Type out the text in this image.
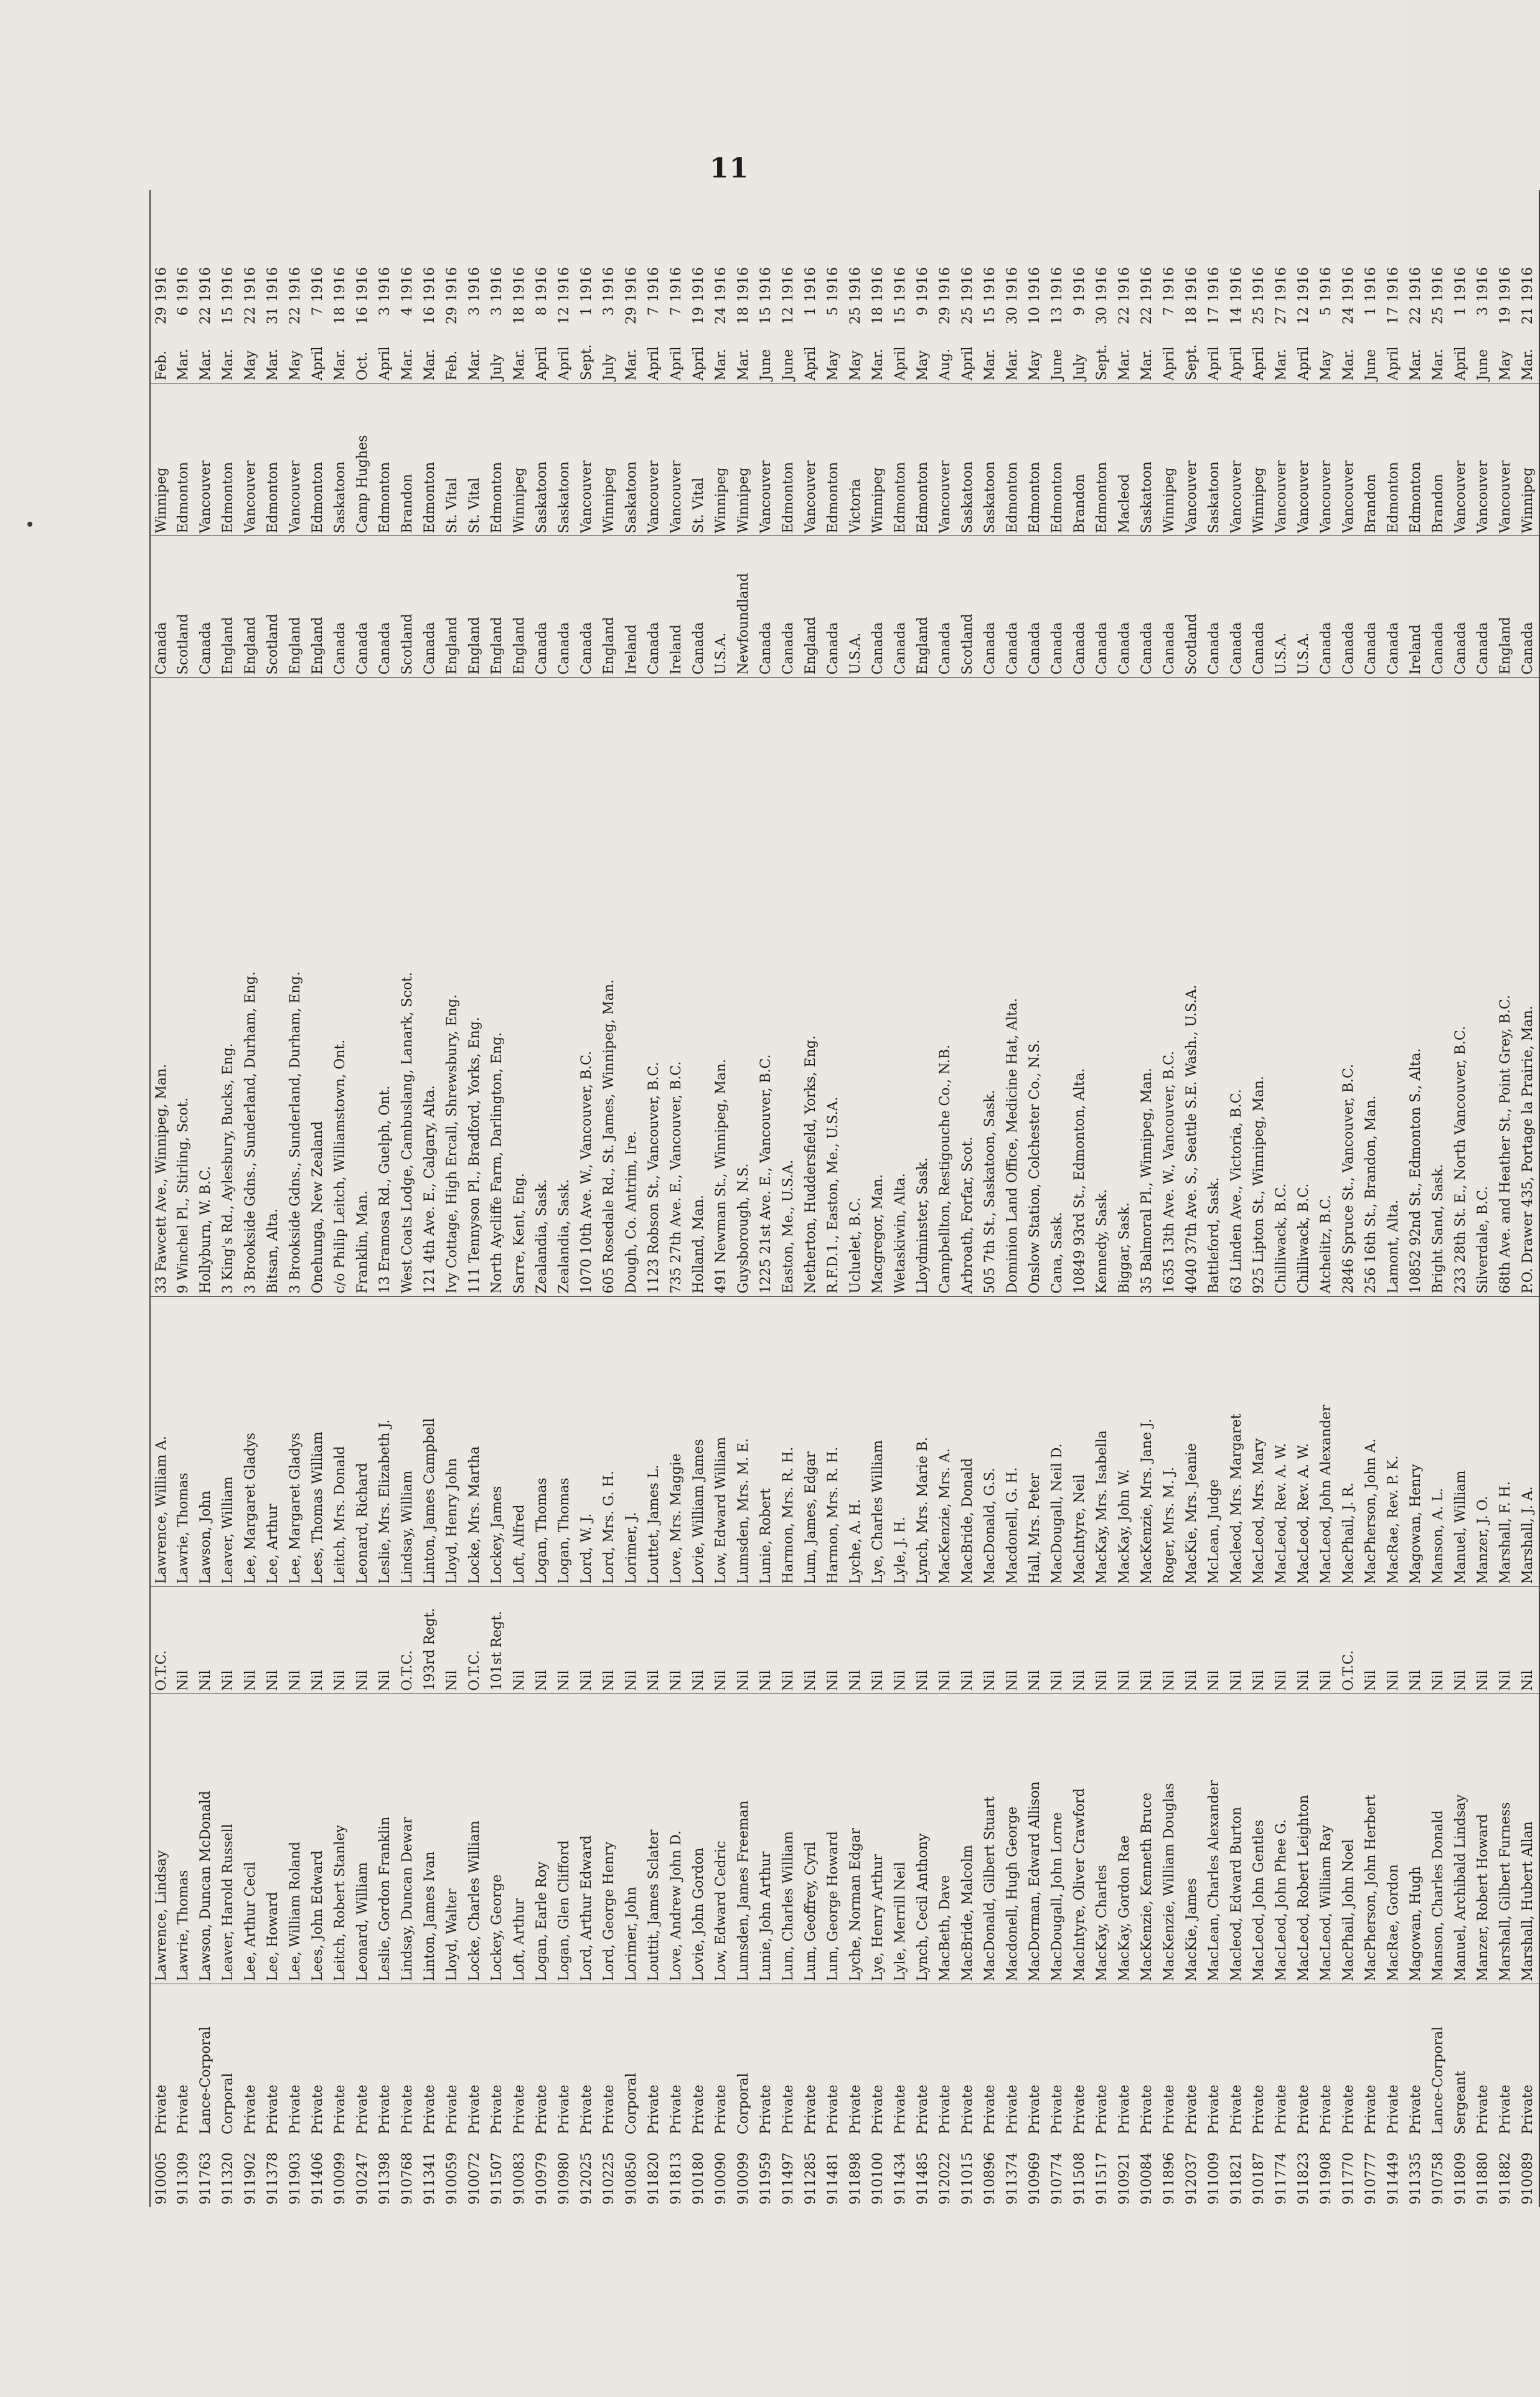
11
910005	Private	Lawrence, Lindsay	O.T.C.	Lawrence, William A.	33 Fawcett Ave., Winnipeg, Man.	Canada	Winnipeg	Feb.291916
911309	Private	Lawrie, Thomas	Nil	Lawrie, Thomas	9 Winchel Pl., Stirling, Scot.	Scotland	Edmonton	Mar.61916
911763	Lance-Corporal	Lawson, Duncan McDonald	Nil	Lawson, John	Hollyburn, W. B.C.	Canada	Vancouver	Mar.221916
911320	Corporal	Leaver, Harold Russell	Nil	Leaver, William	3 King's Rd., Aylesbury, Bucks, Eng.	England	Edmonton	Mar.151916
911902	Private	Lee, Arthur Cecil	Nil	Lee, Margaret Gladys	3 Brookside Gdns., Sunderland, Durham, Eng.	England	Vancouver	May221916
911378	Private	Lee, Howard	Nil	Lee, Arthur	Bitsan, Alta.	Scotland	Edmonton	Mar.311916
911903	Private	Lee, William Roland	Nil	Lee, Margaret Gladys	3 Brookside Gdns., Sunderland, Durham, Eng.	England	Vancouver	May221916
911406	Private	Lees, John Edward	Nil	Lees, Thomas William	Onehunga, New Zealand	England	Edmonton	April71916
910099	Private	Leitch, Robert Stanley	Nil	Leitch, Mrs. Donald	c/o Philip Leitch, Williamstown, Ont.	Canada	Saskatoon	Mar.181916
910247	Private	Leonard, William	Nil	Leonard, Richard	Franklin, Man.	Canada	Camp Hughes	Oct.161916
911398	Private	Leslie, Gordon Franklin	Nil	Leslie, Mrs. Elizabeth J.	13 Eramosa Rd., Guelph, Ont.	Canada	Edmonton	April31916
910768	Private	Lindsay, Duncan Dewar	O.T.C.	Lindsay, William	West Coats Lodge, Cambuslang, Lanark, Scot.	Scotland	Brandon	Mar.41916
911341	Private	Linton, James Ivan	193rd Regt.	Linton, James Campbell	121 4th Ave. E., Calgary, Alta.	Canada	Edmonton	Mar.161916
910059	Private	Lloyd, Walter	Nil	Lloyd, Henry John	Ivy Cottage, High Ercall, Shrewsbury, Eng.	England	St. Vital	Feb.291916
910072	Private	Locke, Charles William	O.T.C.	Locke, Mrs. Martha	111 Tennyson Pl., Bradford, Yorks, Eng.	England	St. Vital	Mar.31916
911507	Private	Lockey, George	101st Regt.	Lockey, James	North Aycliffe Farm, Darlington, Eng.	England	Edmonton	July31916
910083	Private	Loft, Arthur	Nil	Loft, Alfred	Sarre, Kent, Eng.	England	Winnipeg	Mar.181916
910979	Private	Logan, Earle Roy	Nil	Logan, Thomas	Zealandia, Sask.	Canada	Saskatoon	April81916
910980	Private	Logan, Glen Clifford	Nil	Logan, Thomas	Zealandia, Sask.	Canada	Saskatoon	April121916
912025	Private	Lord, Arthur Edward	Nil	Lord, W. J.	1070 10th Ave. W., Vancouver, B.C.	Canada	Vancouver	Sept.11916
910225	Private	Lord, George Henry	Nil	Lord, Mrs. G. H.	605 Rosedale Rd., St. James, Winnipeg, Man.	England	Winnipeg	July31916
910850	Corporal	Lorimer, John	Nil	Lorimer, J.	Dough, Co. Antrim, Ire.	Ireland	Saskatoon	Mar.291916
911820	Private	Louttit, James Sclater	Nil	Louttet, James L.	1123 Robson St., Vancouver, B.C.	Canada	Vancouver	April71916
911813	Private	Love, Andrew John D.	Nil	Love, Mrs. Maggie	735 27th Ave. E., Vancouver, B.C.	Ireland	Vancouver	April71916
910180	Private	Lovie, John Gordon	Nil	Lovie, William James	Holland, Man.	Canada	St. Vital	April191916
910090	Private	Low, Edward Cedric	Nil	Low, Edward William	491 Newman St., Winnipeg, Man.	U.S.A.	Winnipeg	Mar.241916
910099	Corporal	Lumsden, James Freeman	Nil	Lumsden, Mrs. M. E.	Guysborough, N.S.	Newfoundland	Winnipeg	Mar.181916
911959	Private	Lunie, John Arthur	Nil	Lunie, Robert	1225 21st Ave. E., Vancouver, B.C.	Canada	Vancouver	June151916
911497	Private	Lum, Charles William	Nil	Harmon, Mrs. R. H.	Easton, Me., U.S.A.	Canada	Edmonton	June121916
911285	Private	Lum, Geoffrey, Cyril	Nil	Lum, James, Edgar	Netherton, Huddersfield, Yorks, Eng.	England	Vancouver	April11916
911481	Private	Lum, George Howard	Nil	Harmon, Mrs. R. H.	R.F.D.1., Easton, Me., U.S.A.	Canada	Edmonton	May51916
911898	Private	Lyche, Norman Edgar	Nil	Lyche, A. H.	Ucluelet, B.C.	U.S.A.	Victoria	May251916
910100	Private	Lye, Henry Arthur	Nil	Lye, Charles William	Macgregor, Man.	Canada	Winnipeg	Mar.181916
911434	Private	Lyle, Merrill Neil	Nil	Lyle, J. H.	Wetaskiwin, Alta.	Canada	Edmonton	April151916
911485	Private	Lynch, Cecil Anthony	Nil	Lynch, Mrs. Marie B.	Lloydminster, Sask.	England	Edmonton	May91916
912022	Private	MacBeth, Dave	Nil	MacKenzie, Mrs. A.	Campbellton, Restigouche Co., N.B.	Canada	Vancouver	Aug.291916
911015	Private	MacBride, Malcolm	Nil	MacBride, Donald	Arbroath, Forfar, Scot.	Scotland	Saskatoon	April251916
910896	Private	MacDonald, Gilbert Stuart	Nil	MacDonald, G.S.	505 7th St., Saskatoon, Sask.	Canada	Saskatoon	Mar.151916
911374	Private	Macdonell, Hugh George	Nil	Macdonell, G. H.	Dominion Land Office, Medicine Hat, Alta.	Canada	Edmonton	Mar.301916
910969	Private	MacDorman, Edward Allison	Nil	Hall, Mrs. Peter	Onslow Station, Colchester Co., N.S.	Canada	Edmonton	May101916
910774	Private	MacDougall, John Lorne	Nil	MacDougall, Neil D.	Cana, Sask.	Canada	Edmonton	June131916
911508	Private	MacIntyre, Oliver Crawford	Nil	MacIntyre, Neil	10849 93rd St., Edmonton, Alta.	Canada	Brandon	July91916
911517	Private	MacKay, Charles	Nil	MacKay, Mrs. Isabella	Kennedy, Sask.	Canada	Edmonton	Sept.301916
910921	Private	MacKay, Gordon Rae	Nil	MacKay, John W.	Biggar, Sask.	Canada	Macleod	Mar.221916
910084	Private	MacKenzie, Kenneth Bruce	Nil	MacKenzie, Mrs. Jane J.	35 Balmoral Pl., Winnipeg, Man.	Canada	Saskatoon	Mar.221916
911896	Private	MacKenzie, William Douglas	Nil	Roger, Mrs. M. J.	1635 13th Ave. W., Vancouver, B.C.	Canada	Winnipeg	April71916
912037	Private	MacKie, James	Nil	MacKie, Mrs. Jeanie	4040 37th Ave. S., Seattle S.E. Wash., U.S.A.	Scotland	Vancouver	Sept.181916
911009	Private	MacLean, Charles Alexander	Nil	McLean, Judge	Battleford, Sask.	Canada	Saskatoon	April171916
911821	Private	Macleod, Edward Burton	Nil	Macleod, Mrs. Margaret	63 Linden Ave., Victoria, B.C.	Canada	Vancouver	April141916
910187	Private	MacLeod, John Gentles	Nil	MacLeod, Mrs. Mary	925 Lipton St., Winnipeg, Man.	Canada	Winnipeg	April251916
911774	Private	MacLeod, John Phee G.	Nil	MacLeod, Rev. A. W.	Chilliwack, B.C.	U.S.A.	Vancouver	Mar.271916
911823	Private	MacLeod, Robert Leighton	Nil	MacLeod, Rev. A. W.	Chilliwack, B.C.	U.S.A.	Vancouver	April121916
911908	Private	MacLeod, William Ray	Nil	MacLeod, John Alexander	Atchelitz, B.C.	Canada	Vancouver	May51916
911770	Private	MacPhail, John Noel	O.T.C.	MacPhail, J. R.	2846 Spruce St., Vancouver, B.C.	Canada	Vancouver	Mar.241916
910777	Private	MacPherson, John Herbert	Nil	MacPherson, John A.	256 16th St., Brandon, Man.	Canada	Brandon	June11916
911449	Private	MacRae, Gordon	Nil	MacRae, Rev. P. K.	Lamont, Alta.	Canada	Edmonton	April171916
911335	Private	Magowan, Hugh	Nil	Magowan, Henry	10852 92nd St., Edmonton S., Alta.	Ireland	Edmonton	Mar.221916
910758	Lance-Corporal	Manson, Charles Donald	Nil	Manson, A. L.	Bright Sand, Sask.	Canada	Brandon	Mar.251916
911809	Sergeant	Manuel, Archibald Lindsay	Nil	Manuel, William	233 28th St. E., North Vancouver, B.C.	Canada	Vancouver	April11916
911880	Private	Manzer, Robert Howard	Nil	Manzer, J. O.	Silverdale, B.C.	Canada	Vancouver	June31916
911882	Private	Marshall, Gilbert Furness	Nil	Marshall, F. H.	68th Ave. and Heather St., Point Grey, B.C.	England	Vancouver	May191916
910089	Private	Marshall, Hubert Allan	Nil	Marshall, J. A.	P.O. Drawer 435, Portage la Prairie, Man.	Canada	Winnipeg	Mar.211916
